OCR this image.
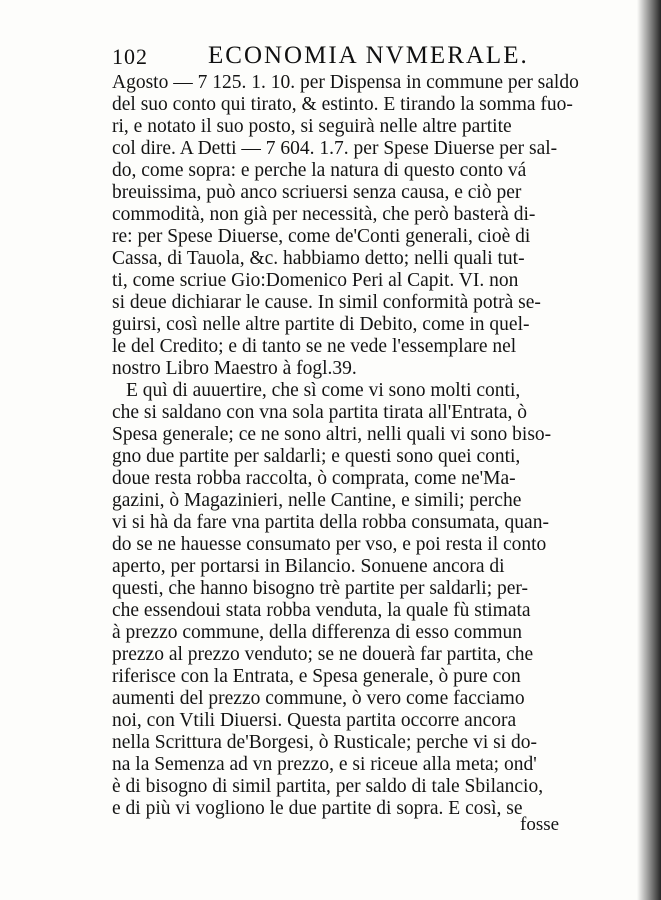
102 ECONOMIA NVMERALE.
Agosto — 7 125. 1. 10. per Dispensa in commune per saldo
del suo conto qui tirato, & estinto. E tirando la somma fuo-
ri, e notato il suo posto, si seguirà nelle altre partite
col dire. A Detti — 7 604. 1.7. per Spese Diuerse per sal-
do, come sopra: e perche la natura di questo conto vá
breuissima, può anco scriuersi senza causa, e ciò per
commodità, non già per necessità, che però basterà di-
re: per Spese Diuerse, come de'Conti generali, cioè di
Cassa, di Tauola, &c. habbiamo detto; nelli quali tut-
ti, come scriue Gio:Domenico Peri al Capit. VI. non
si deue dichiarar le cause. In simil conformità potrà se-
guirsi, così nelle altre partite di Debito, come in quel-
le del Credito; e di tanto se ne vede l'essemplare nel
nostro Libro Maestro à fogl.39.
E quì di auuertire, che sì come vi sono molti conti,
che si saldano con vna sola partita tirata all'Entrata, ò
Spesa generale; ce ne sono altri, nelli quali vi sono biso-
gno due partite per saldarli; e questi sono quei conti,
doue resta robba raccolta, ò comprata, come ne'Ma-
gazini, ò Magazinieri, nelle Cantine, e simili; perche
vi si hà da fare vna partita della robba consumata, quan-
do se ne hauesse consumato per vso, e poi resta il conto
aperto, per portarsi in Bilancio. Sonuene ancora di
questi, che hanno bisogno trè partite per saldarli; per-
che essendoui stata robba venduta, la quale fù stimata
à prezzo commune, della differenza di esso commun
prezzo al prezzo venduto; se ne douerà far partita, che
riferisce con la Entrata, e Spesa generale, ò pure con
aumenti del prezzo commune, ò vero come facciamo
noi, con Vtili Diuersi. Questa partita occorre ancora
nella Scrittura de'Borgesi, ò Rusticale; perche vi si do-
na la Semenza ad vn prezzo, e si riceue alla meta; ond'
è di bisogno di simil partita, per saldo di tale Sbilancio,
e di più vi vogliono le due partite di sopra. E così, se
fosse
